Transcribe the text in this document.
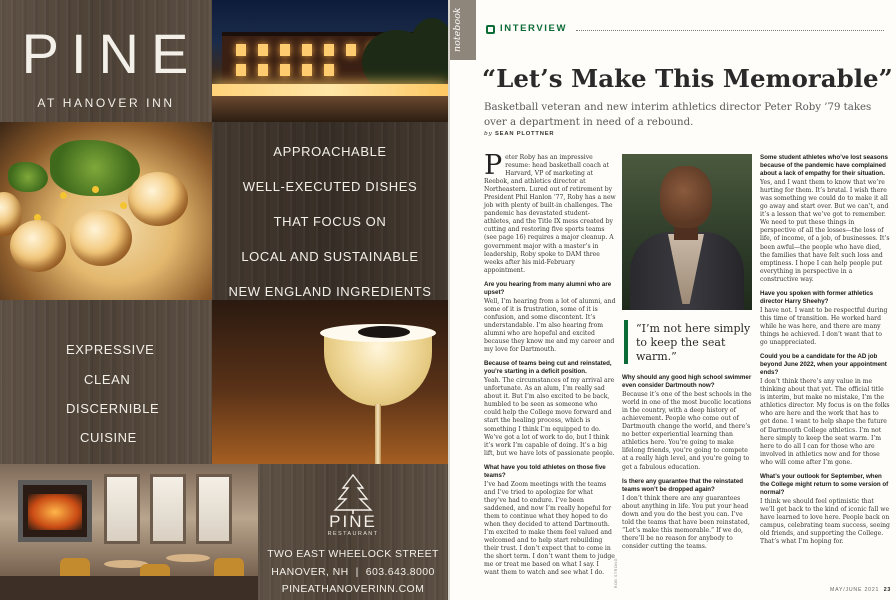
PINE
AT HANOVER INN
APPROACHABLE
WELL-EXECUTED DISHES
THAT FOCUS ON
LOCAL AND SUSTAINABLE
NEW ENGLAND INGREDIENTS
EXPRESSIVE
CLEAN
DISCERNIBLE
CUISINE
PINE
RESTAURANT
TWO EAST WHEELOCK STREET
HANOVER, NH | 603.643.8000
PINEATHANOVERINN.COM
notebook	INTERVIEW
“Let’s Make This Memorable”
Basketball veteran and new interim athletics director Peter Roby ’79 takes over a department in need of a rebound.
by SEAN PLOTTNER

Peter Roby has an impressive resume: head basketball coach at Harvard, VP of marketing at Reebok, and athletics director at Northeastern. Lured out of retirement by President Phil Hanlon ’77, Roby has a new job with plenty of built-in challenges. The pandemic has devastated student-athletes, and the Title IX mess created by cutting and restoring five sports teams (see page 16) requires a major cleanup. A government major with a master’s in leadership, Roby spoke to DAM three weeks after his mid-February appointment.

Are you hearing from many alumni who are upset?

Well, I’m hearing from a lot of alumni, and some of it is frustration, some of it is confusion, and some discontent. It’s understandable. I’m also hearing from alumni who are hopeful and excited because they know me and my career and my love for Dartmouth.

Because of teams being cut and reinstated, you’re starting in a deficit position.

Yeah. The circumstances of my arrival are unfortunate. As an alum, I’m really sad about it. But I’m also excited to be back, humbled to be seen as someone who could help the College move forward and start the healing process, which is something I think I’m equipped to do. We’ve got a lot of work to do, but I think it’s work I’m capable of doing. It’s a big lift, but we have lots of passionate people.

What have you told athletes on those five teams?

I’ve had Zoom meetings with the teams and I’ve tried to apologize for what they’ve had to endure. I’ve been saddened, and now I’m really hopeful for them to continue what they hoped to do when they decided to attend Dartmouth. I’m excited to make them feel valued and welcomed and to help start rebuilding their trust. I don’t expect that to come in the short term. I don’t want them to judge me or treat me based on what I say. I want them to watch and see what I do.	ROB STRONG
“I’m not here simply to keep the seat warm.”
Why should any good high school swimmer even consider Dartmouth now?

Because it’s one of the best schools in the world in one of the most bucolic locations in the country, with a deep history of achievement. People who come out of Dartmouth change the world, and there’s no better experiential learning than athletics here. You’re going to make lifelong friends, you’re going to compete at a really high level, and you’re going to get a fabulous education.

Is there any guarantee that the reinstated teams won’t be dropped again?

I don’t think there are any guarantees about anything in life. You put your head down and you do the best you can. I’ve told the teams that have been reinstated, “Let’s make this memorable.” If we do, there’ll be no reason for anybody to consider cutting the teams.

Some student athletes who’ve lost seasons because of the pandemic have complained about a lack of empathy for their situation.

Yes, and I want them to know that we’re hurting for them. It’s brutal. I wish there was something we could do to make it all go away and start over. But we can’t, and it’s a lesson that we’ve got to remember. We need to put these things in perspective of all the losses—the loss of life, of income, of a job, of businesses. It’s been awful—the people who have died, the families that have felt such loss and emptiness. I hope I can help people put everything in perspective in a constructive way.

Have you spoken with former athletics director Harry Sheehy?

I have not. I want to be respectful during this time of transition. He worked hard while he was here, and there are many things he achieved. I don’t want that to go unappreciated.

Could you be a candidate for the AD job beyond June 2022, when your appointment ends?

I don’t think there’s any value in me thinking about that yet. The official title is interim, but make no mistake, I’m the athletics director. My focus is on the folks who are here and the work that has to get done. I want to help shape the future of Dartmouth College athletics. I’m not here simply to keep the seat warm. I’m here to do all I can for those who are involved in athletics now and for those who will come after I’m gone.

What’s your outlook for September, when the College might return to some version of normal?

I think we should feel optimistic that we’ll get back to the kind of iconic fall we have learned to love here. People back on campus, celebrating team success, seeing old friends, and supporting the College. That’s what I’m hoping for.

MAY/JUNE 2021 23
